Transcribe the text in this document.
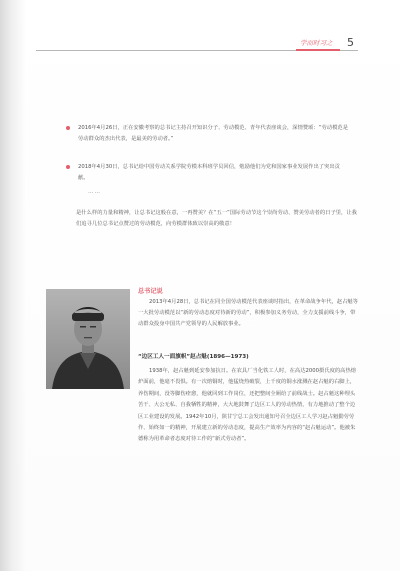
学而时习之 5

2016年4月26日，正在安徽考察的总书记主持召开知识分子、劳动模范、青年代表座谈会，深情赞颂：“劳动模范是劳动群众的杰出代表，是最美的劳动者。”

2018年4月30日，总书记给中国劳动关系学院劳模本科班学员回信，勉励他们为党和国家事业发展作出了突出贡献。

……

是什么样的力量和精神，让总书记这般在意，一再赞美？在“五一”国际劳动节这个崇尚劳动、赞美劳动者的日子里，让我们追寻几位总书记点赞过的劳动模范，向劳模群体致以崇高的敬意！

总书记说

2013年4月28日，总书记在同全国劳动模范代表座谈时指出，在革命战争年代，赵占魁等一大批劳动模范以“新的劳动态度对待新的劳动”，积极参加义务劳动，全力支援前线斗争，带动群众投身中国共产党领导的人民解放事业。

“边区工人一面旗帜”赵占魁(1896—1973)

1938年，赵占魁到延安参加抗日。在农具厂当化铁工人时，在高达2000摄氏度的高热熔炉面前，他毫不畏惧。有一次熔铜时，他猛烧热破裂，上千度的铜水涨溅在赵占魁的右脚上，养伤期间，没等脚伤痊愈，他就回到工作岗位，还把整间全厕给了前线战士。赵占魁这种埋头苦干、大公无私、自我牺牲的精神，大大地鼓舞了边区工人的劳动热情，有力地推动了整个边区工业建设的发展。1942年10月，陕甘宁总工会发出通知号召全边区工人学习赵占魁勤劳劳作、始终如一的精神，开展建立新的劳动态度，提高生产效率为内容的“赵占魁运动”。他被朱德称为用革命者态度对待工作的“新式劳动者”。
